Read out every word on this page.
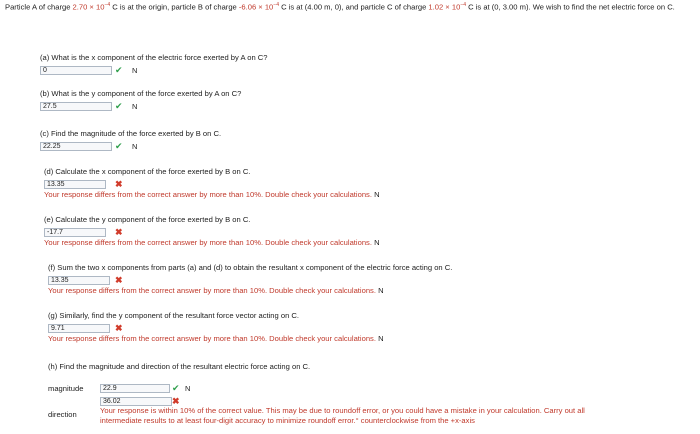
Particle A of charge $2.70 \times 10^{-4}$ C is at the origin, particle B of charge $-6.06 \times 10^{-4}$ C is at (4.00 m, 0), and particle C of charge $1.02 \times 10^{-4}$ C is at (0, 3.00 m). We wish to find the net electric force on C.
(a) What is the x component of the electric force exerted by A on C?
0	✔ N
(b) What is the y component of the force exerted by A on C?
27.5	✔ N
(c) Find the magnitude of the force exerted by B on C.
22.25	✔ N
(d) Calculate the x component of the force exerted by B on C.
13.35	✖
Your response differs from the correct answer by more than 10%. Double check your calculations. N
(e) Calculate the y component of the force exerted by B on C.
-17.7	✖
Your response differs from the correct answer by more than 10%. Double check your calculations. N
(f) Sum the two x components from parts (a) and (d) to obtain the resultant x component of the electric force acting on C.
13.35	✖
Your response differs from the correct answer by more than 10%. Double check your calculations. N
(g) Similarly, find the y component of the resultant force vector acting on C.
9.71	✖
Your response differs from the correct answer by more than 10%. Double check your calculations. N
(h) Find the magnitude and direction of the resultant electric force acting on C.
magnitude	22.9	✔ N
36.02	✖
direction	Your response is within 10% of the correct value. This may be due to roundoff error, or you could have a mistake in your calculation. Carry out all
intermediate results to at least four-digit accuracy to minimize roundoff error.° counterclockwise from the +x-axis
